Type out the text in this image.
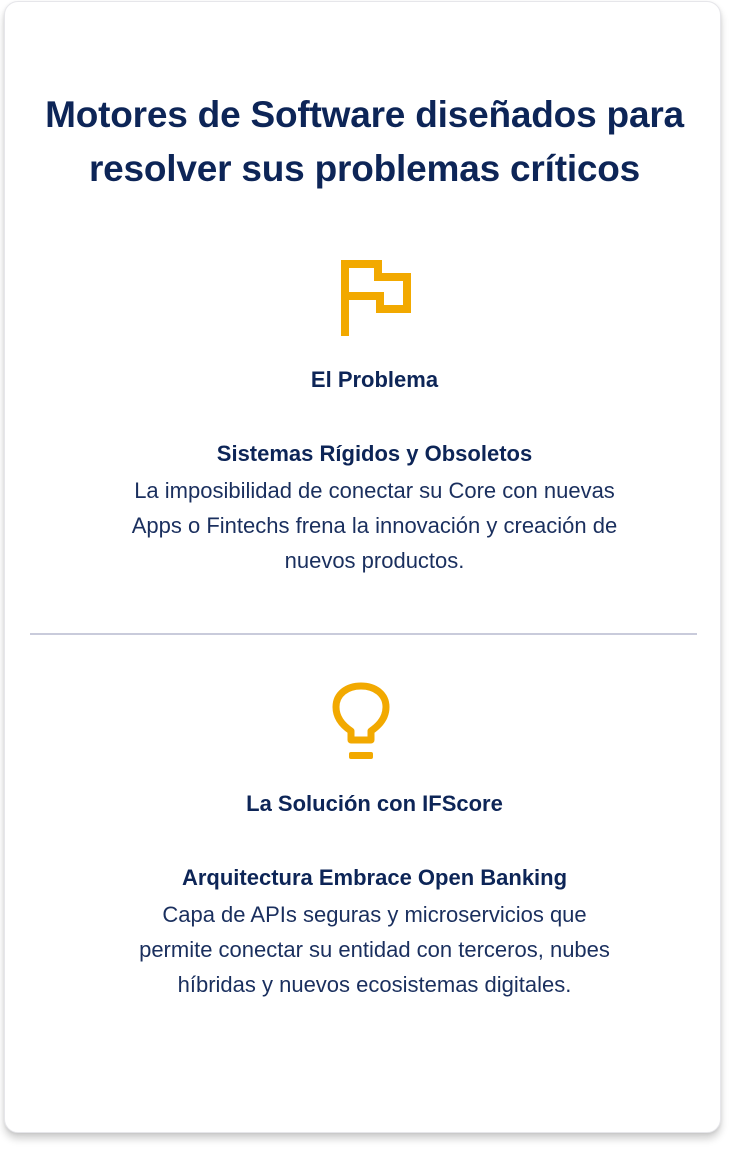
Motores de Software diseñados para
resolver sus problemas críticos
El Problema
Sistemas Rígidos y Obsoletos

La imposibilidad de conectar su Core con nuevas
Apps o Fintechs frena la innovación y creación de
nuevos productos.

La Solución con IFScore
Arquitectura Embrace Open Banking

Capa de APIs seguras y microservicios que
permite conectar su entidad con terceros, nubes
híbridas y nuevos ecosistemas digitales.
